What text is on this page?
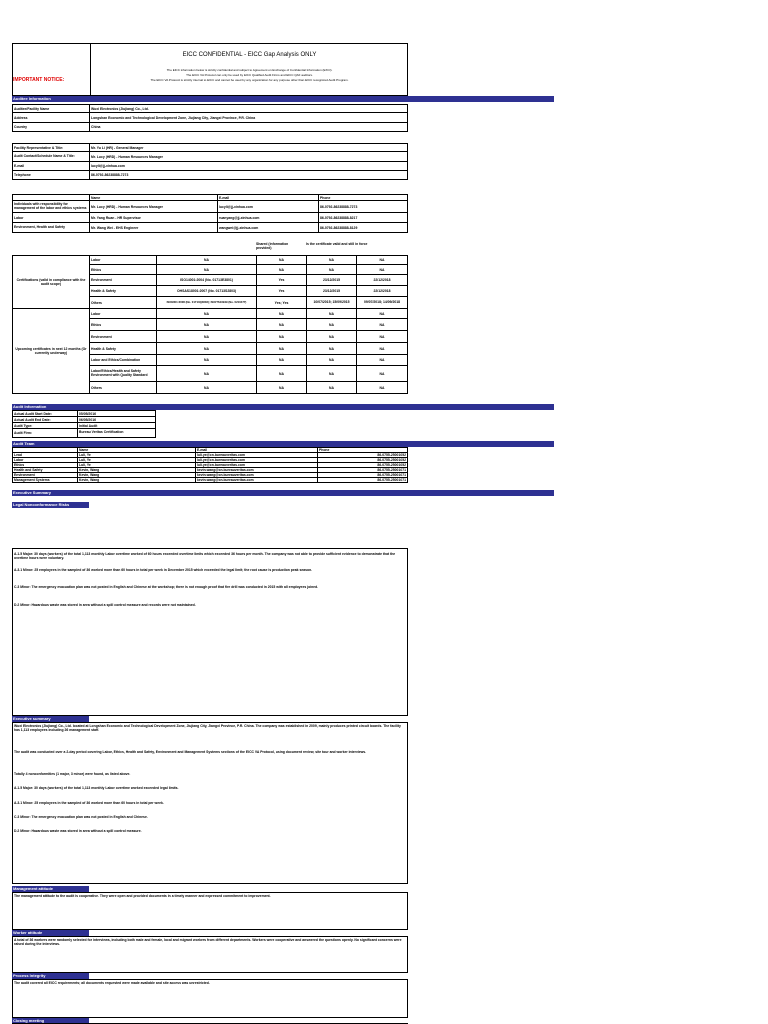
IMPORTANT NOTICE:
EICC CONFIDENTIAL - EICC Gap Analysis ONLY
The EICC information below is strictly confidential and subject to Agreement on Exchange of Confidential Information (EXCI).
The EICC VA Protocol can only be used by EICC Qualified Audit Firms and EICC QAF auditors.
The EICC VA Protocol is strictly internal to EICC and cannot be used by any organization for any purpose other than EICC recognized Audit Program.
Auditee Information
Auditee/Facility Name	Wuxi Electronics (Jiujiang) Co., Ltd.
Address	Longshan Economic and Technological Development Zone, Jiujiang City, Jiangxi Province, P.R. China
Country	China
Facility Representative & Title:	Mr. Yu Li (HR) - General Manager
Audit Contact/Schedule Name & Title:	Mr. Lucy (HRD) - Human Resources Manager
E-mail	lucyli@jj-xinhua.com
Telephone	86-0792-86238888-7273
	Name	E-mail	Phone
Individuals with responsibility for management of the labor and ethics systems	Mr. Lucy (HRD) - Human Resources Manager	lucyli@jj-xinhua.com	86-0792-86238888-7273
Labor	Mr. Yang Ruan - HR Supervisor	ruanyang@jj-xinhua.com	86-0792-86238888-8217
Environment, Health and Safety	Mr. Wang Wei - EHS Engineer	wangwei@jj-xinhua.com	86-0792-86238888-8129
Shared (information provided)
Is the certificate valid and still in force
Certifications (valid in compliance with the audit scope)	Labor	NA	NA	NA	NA
	Ethics	NA	NA	NA	NA
	Environment	ISO14001:2004 (No. 01713E3801)	Yes	23/12/2015	22/12/2018
	Health & Safety	OHSAS18001:2007 (No. 01713S2803)	Yes	23/12/2015	22/12/2018
	Others	ISO9001:2008 (No. 01713Q4803); ISO/TS16949 (No. 0210477)	Yes; Yes	10/07/2015; 15/09/2015	09/07/2018; 14/09/2018
Upcoming certificates in next 12 months (Or currently underway)	Labor	NA	NA	NA	NA
	Ethics	NA	NA	NA	NA
	Environment	NA	NA	NA	NA
	Health & Safety	NA	NA	NA	NA
	Labor and Ethics/Combination	NA	NA	NA	NA
	Labor/Ethics/Health and Safety Environment with Quality Standard	NA	NA	NA	NA
	Others	NA	NA	NA	NA
Audit Information
Actual Audit Start Date:	05/05/2016
Actual Audit End Date:	06/05/2016
Audit Type:	Initial Audit
Audit Firm:	Bureau Veritas Certification
Audit Team
	Name	E-mail	Phone
Lead	Luli, Ye	luli.ye@cn.bureauveritas.com	86-0755-25001052
Labor	Luli, Ye	luli.ye@cn.bureauveritas.com	86-0755-25001052
Ethics	Luli, Ye	luli.ye@cn.bureauveritas.com	86-0755-25001052
Health and Safety	Kevin, Wang	kevin.wang@cn.bureauveritas.com	86-0755-25001071
Environment	Kevin, Wang	kevin.wang@cn.bureauveritas.com	86-0755-25001071
Management Systems	Kevin, Wang	kevin.wang@cn.bureauveritas.com	86-0755-25001071
Executive Summary
Legal Nonconformance Risks
A.1.5 Major: 30 days (workers) of the total 1,113 monthly Labor overtime worked of 60 hours exceeded overtime limits which exceeded 36 hours per month. The company was not able to provide sufficient evidence to demonstrate that the overtime hours were voluntary.
A.3.1 Minor: 25 employees in the sampled of 36 worked more than 60 hours in total per week in December 2015 which exceeded the legal limit; the root cause is production peak season.
C.3 Minor: The emergency evacuation plan was not posted in English and Chinese at the workshop; there is not enough proof that fire drill was conducted in 2015 with all employees joined.
D.2 Minor: Hazardous waste was stored in area without a spill control measure and records were not maintained.
Executive summary
Wuxi Electronics (Jiujiang) Co., Ltd. located at Longshan Economic and Technological Development Zone, Jiujiang City, Jiangxi Province, P.R. China. The company was established in 2009, mainly produces printed circuit boards. The facility has 1,113 employees including 26 management staff.
The audit was conducted over a 2-day period covering Labor, Ethics, Health and Safety, Environment and Management Systems sections of the EICC VA Protocol, using document review, site tour and worker interviews.
Totally 4 nonconformities (1 major, 3 minor) were found, as listed above.
A.1.5 Major: 30 days (workers) of the total 1,113 monthly Labor overtime worked exceeded legal limits.
A.3.1 Minor: 25 employees in the sampled of 36 worked more than 60 hours in total per week.
C.3 Minor: The emergency evacuation plan was not posted in English and Chinese.
D.2 Minor: Hazardous waste was stored in area without a spill control measure.
Management attitude
The management attitude to the audit is cooperative. They were open and provided documents in a timely manner and expressed commitment to improvement.
Worker attitude
A total of 36 workers were randomly selected for interviews, including both male and female, local and migrant workers from different departments. Workers were cooperative and answered the questions openly. No significant concerns were raised during the interviews.
Process Integrity
The audit covered all EICC requirements; all documents requested were made available and site access was unrestricted.
Closing meeting
